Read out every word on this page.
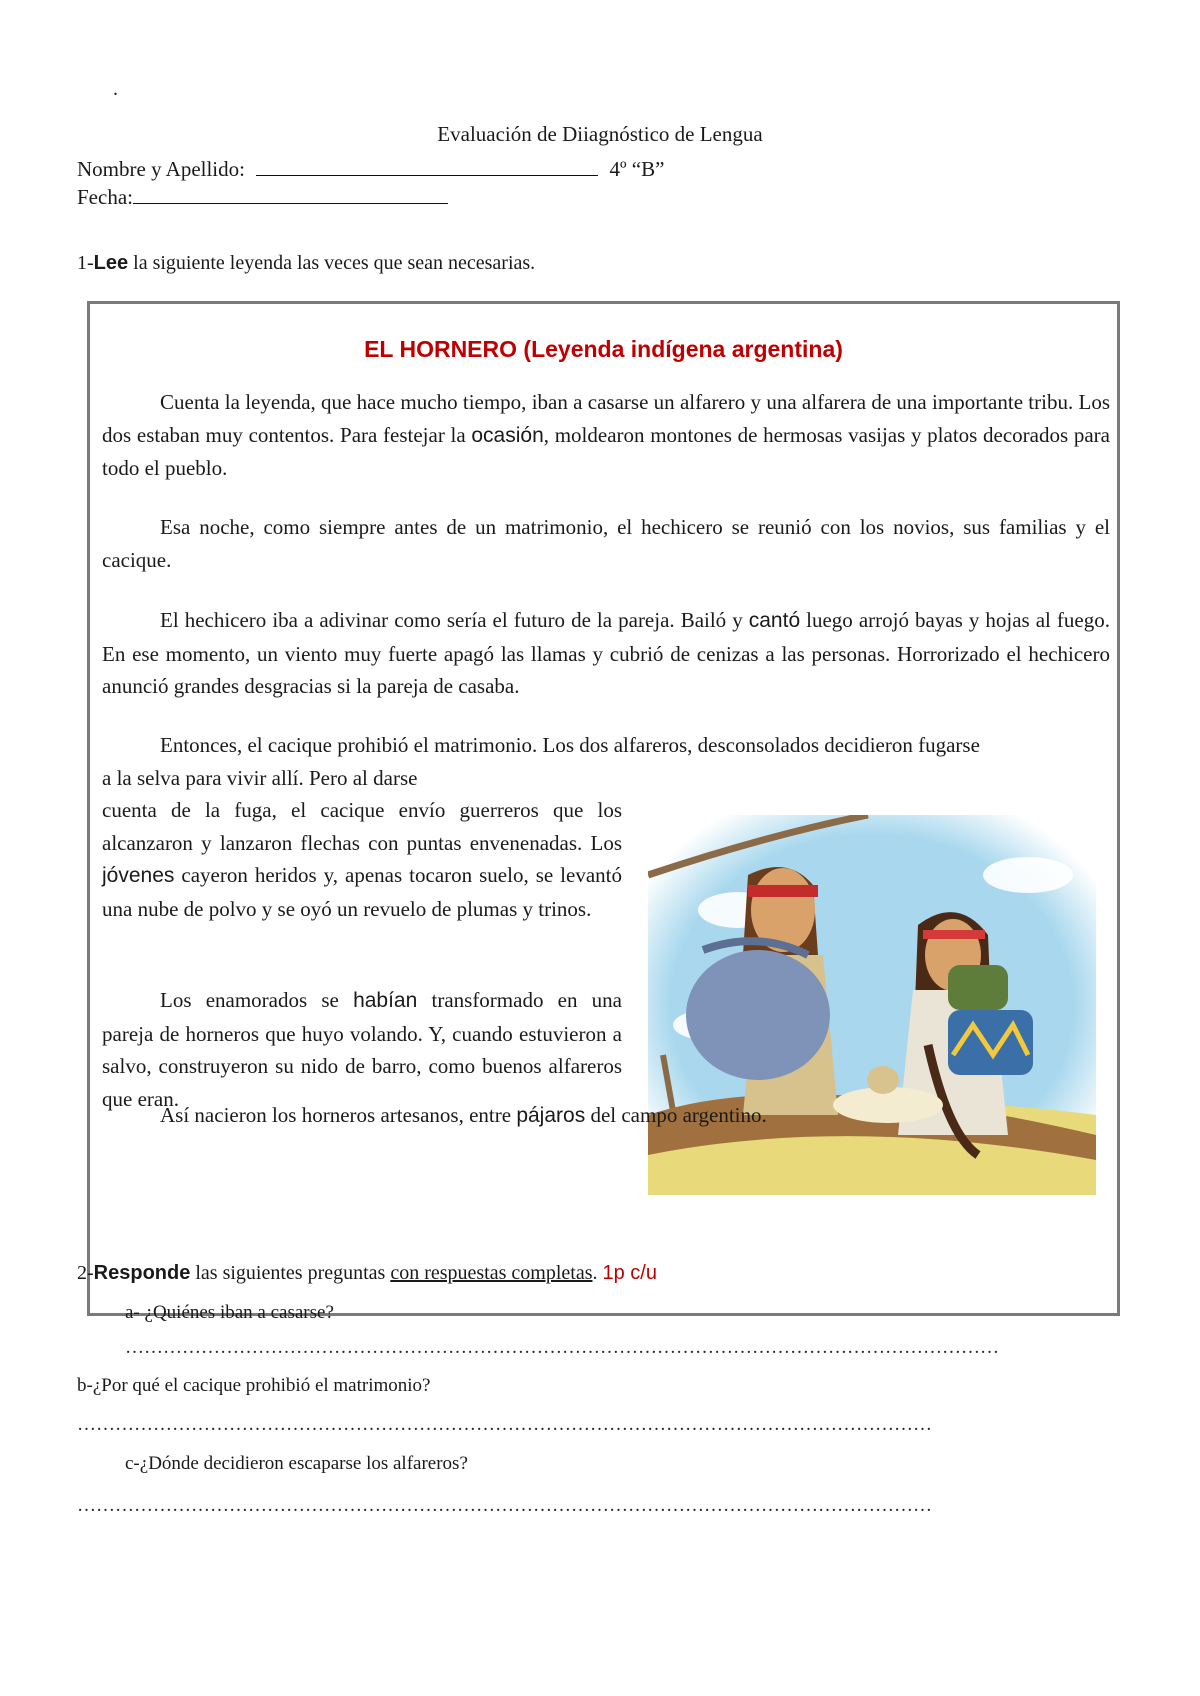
.
Evaluación de Diiagnóstico de Lengua
Nombre y Apellido:	4º “B”
Fecha:
1-Lee la siguiente leyenda las veces que sean necesarias.
EL HORNERO (Leyenda indígena argentina)
Cuenta la leyenda, que hace mucho tiempo, iban a casarse un alfarero y una alfarera de una importante tribu. Los dos estaban muy contentos. Para festejar la ocasión, moldearon montones de hermosas vasijas y platos decorados para todo el pueblo.
Esa noche, como siempre antes de un matrimonio, el hechicero se reunió con los novios, sus familias y el cacique.
El hechicero iba a adivinar como sería el futuro de la pareja. Bailó y cantó luego arrojó bayas y hojas al fuego. En ese momento, un viento muy fuerte apagó las llamas y cubrió de cenizas a las personas. Horrorizado el hechicero anunció grandes desgracias si la pareja de casaba.
Entonces, el cacique prohibió el matrimonio. Los dos alfareros, desconsolados decidieron fugarse
a la selva para vivir allí. Pero al darse
cuenta de la fuga, el cacique envío guerreros que los alcanzaron y lanzaron flechas con puntas envenenadas. Los jóvenes cayeron heridos y, apenas tocaron suelo, se levantó una nube de polvo y se oyó un revuelo de plumas y trinos.
Los enamorados se habían transformado en una pareja de horneros que huyo volando. Y, cuando estuvieron a salvo, construyeron su nido de barro, como buenos alfareros que eran.
Así nacieron los horneros artesanos, entre pájaros del campo argentino.
2-Responde las siguientes preguntas con respuestas completas. 1p c/u
a- ¿Quiénes iban a casarse?
…………………………………………………………………………………………………………………………
b-¿Por qué el cacique prohibió el matrimonio?
………………………………………………………………………………………………………………………
c-¿Dónde decidieron escaparse los alfareros?
………………………………………………………………………………………………………………………
